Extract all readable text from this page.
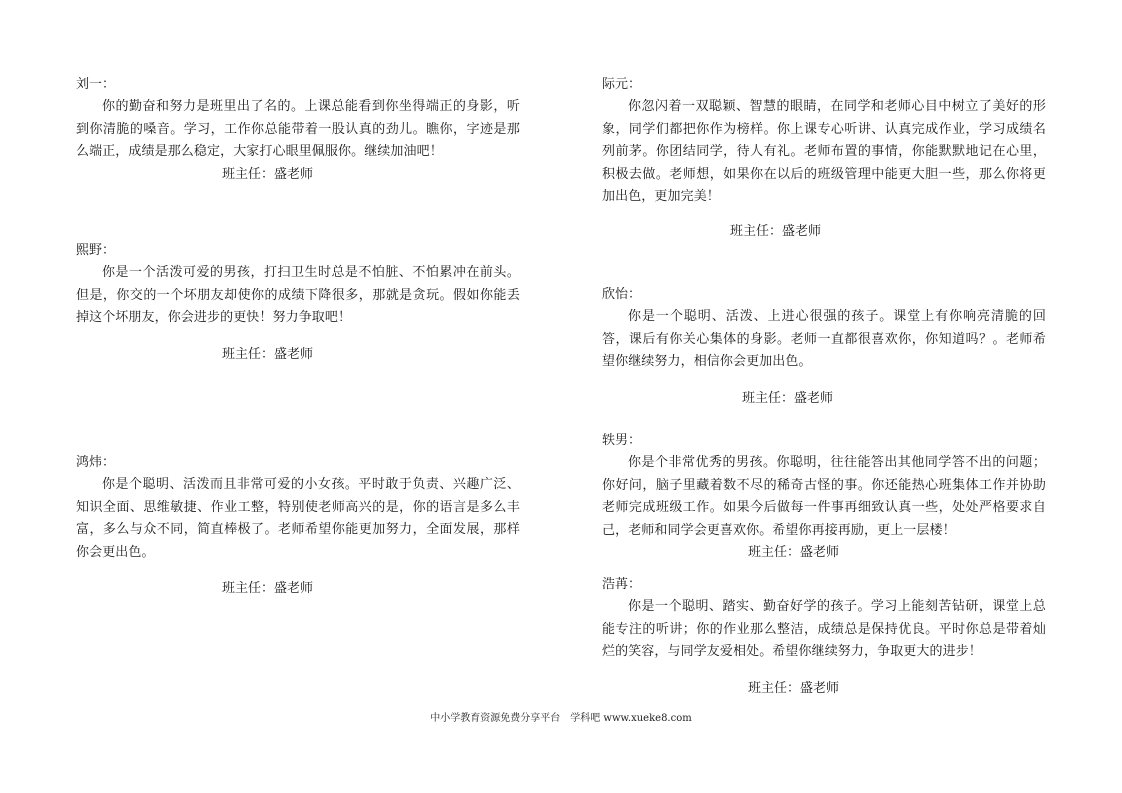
刘一：

你的勤奋和努力是班里出了名的。上课总能看到你坐得端正的身影，听到你清脆的嗓音。学习，工作你总能带着一股认真的劲儿。瞧你，字迹是那么端正，成绩是那么稳定，大家打心眼里佩服你。继续加油吧！

班主任：盛老师

熙野：

你是一个活泼可爱的男孩，打扫卫生时总是不怕脏、不怕累冲在前头。但是，你交的一个坏朋友却使你的成绩下降很多，那就是贪玩。假如你能丢掉这个坏朋友，你会进步的更快！努力争取吧！

班主任：盛老师

鸿炜：

你是个聪明、活泼而且非常可爱的小女孩。平时敢于负责、兴趣广泛、知识全面、思维敏捷、作业工整，特别使老师高兴的是，你的语言是多么丰富，多么与众不同，简直棒极了。老师希望你能更加努力，全面发展，那样你会更出色。

班主任：盛老师

际元：

你忽闪着一双聪颖、智慧的眼睛，在同学和老师心目中树立了美好的形象，同学们都把你作为榜样。你上课专心听讲、认真完成作业，学习成绩名列前茅。你团结同学，待人有礼。老师布置的事情，你能默默地记在心里，积极去做。老师想，如果你在以后的班级管理中能更大胆一些，那么你将更加出色，更加完美！

班主任：盛老师

欣怡：

你是一个聪明、活泼、上进心很强的孩子。课堂上有你响亮清脆的回答，课后有你关心集体的身影。老师一直都很喜欢你，你知道吗？。老师希望你继续努力，相信你会更加出色。

班主任：盛老师

轶男：

你是个非常优秀的男孩。你聪明，往往能答出其他同学答不出的问题；你好问，脑子里藏着数不尽的稀奇古怪的事。你还能热心班集体工作并协助老师完成班级工作。如果今后做每一件事再细致认真一些，处处严格要求自己，老师和同学会更喜欢你。希望你再接再励，更上一层楼！

班主任：盛老师

浩苒：

你是一个聪明、踏实、勤奋好学的孩子。学习上能刻苦钻研，课堂上总能专注的听讲；你的作业那么整洁，成绩总是保持优良。平时你总是带着灿烂的笑容，与同学友爱相处。希望你继续努力，争取更大的进步！

班主任：盛老师

中小学教育资源免费分享平台　学科吧 www.xueke8.com
